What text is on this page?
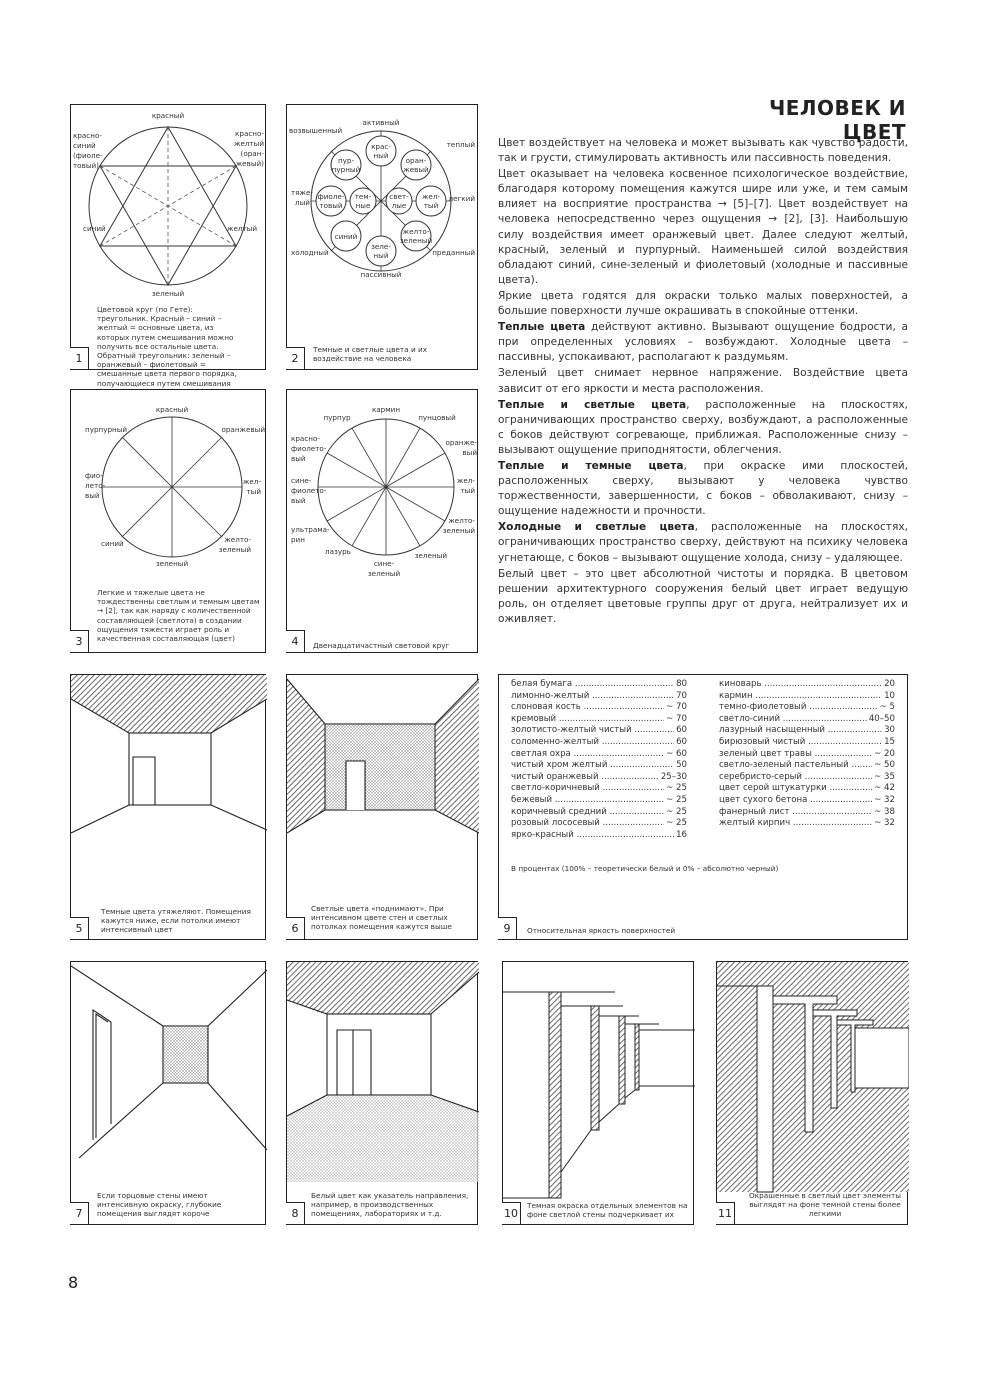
ЧЕЛОВЕК И ЦВЕТ

Цвет воздействует на человека и может вызывать как чувство радости, так и грусти, стимулировать активность или пассивность поведения.

Цвет оказывает на человека косвенное психологическое воздействие, благодаря которому помещения кажутся шире или уже, и тем самым влияет на восприятие пространства → [5]–[7]. Цвет воздействует на человека непосредственно через ощущения → [2], [3]. Наибольшую силу воздействия имеет оранжевый цвет. Далее следуют желтый, красный, зеленый и пурпурный. Наименьшей силой воздействия обладают синий, сине-зеленый и фиолетовый (холодные и пассивные цвета).

Яркие цвета годятся для окраски только малых поверхностей, а большие поверхности лучше окрашивать в спокойные оттенки.

Теплые цвета действуют активно. Вызывают ощущение бодрости, а при определенных условиях – возбуждают. Холодные цвета – пассивны, успокаивают, располагают к раздумьям.

Зеленый цвет снимает нервное напряжение. Воздействие цвета зависит от его яркости и места расположения.

Теплые и светлые цвета, расположенные на плоскостях, ограничивающих пространство сверху, возбуждают, а расположенные с боков действуют согревающе, приближая. Расположенные снизу – вызывают ощущение приподнятости, облегчения.

Теплые и темные цвета, при окраске ими плоскостей, расположенных сверху, вызывают у человека чувство торжественности, завершенности, с боков – обволакивают, снизу – ощущение надежности и прочности.

Холодные и светлые цвета, расположенные на плоскостях, ограничивающих пространство сверху, действуют на психику человека угнетающе, с боков – вызывают ощущение холода, снизу – удаляющее.

Белый цвет – это цвет абсолютной чистоты и порядка. В цветовом решении архитектурного сооружения белый цвет играет ведущую роль, он отделяет цветовые группы друг от друга, нейтрализует их и оживляет.

красный
красно-
синий
(фиоле-
товый)
красно-
желтый
(оран-
жевый)
синий	желтый
зеленый
Цветовой круг (по Гете): треугольник. Красный – синий – желтый = основные цвета, из которых путем смешивания можно получить все остальные цвета. Обратный треугольник: зеленый – оранжевый – фиолетовый = смешанные цвета первого порядка, получающиеся путем смешивания
1
активный
возвышенный
теплый
тяже-
лый	легкий
холодный	преданный
пассивный
крас-
ный
пур-
пурный
оран-
жевый
фиоле-
товый
тем-
ные
свет-
лые
жел-
тый
синий
желто-
зеленый
зеле-
ный
Темные и светлые цвета и их воздействие на человека
2
красный
пурпурный	оранжевый
фио-
лето-
вый
жел-
тый
синий
зеленый
желто-
зеленый
Легкие и тяжелые цвета не тождественны светлым и темным цветам → [2], так как наряду с количественной составляющей (светлота) в создании ощущения тяжести играет роль и качественная составляющая (цвет)
3
кармин
пурпур	пунцовый
красно-
фиолето-
вый
оранже-
вый
сине-
фиолето-
вый
жел-
тый
ультрама-
рин
желто-
зеленый
лазурь	зеленый
сине-
зеленый
Двенадцатичастный световой круг
4
Темные цвета утяжеляют. Помещения кажутся ниже, если потолки имеют интенсивный цвет
5
Светлые цвета «поднимают». При интенсивном цвете стен и светлых потолках помещения кажутся выше
6
белая бумага .....	80
лимонно-желтый .....	70
слоновая кость .....	~ 70
кремовый .....	~ 70
золотисто-желтый чистый .....	60
соломенно-желтый .....	60
светлая охра .....	~ 60
чистый хром желтый .....	50
чистый оранжевый .....	25–30
светло-коричневый .....	~ 25
бежевый .....	~ 25
коричневый средний .....	~ 25
розовый лососевый .....	~ 25
ярко-красный .....	16
киноварь .....	20
кармин .....	10
темно-фиолетовый .....	~ 5
светло-синий .....	40–50
лазурный насыщенный .....	30
бирюзовый чистый .....	15
зеленый цвет травы .....	~ 20
светло-зеленый пастельный .....	~ 50
серебристо-серый .....	~ 35
цвет серой штукатурки .....	~ 42
цвет сухого бетона .....	~ 32
фанерный лист .....	~ 38
желтый кирпич .....	~ 32
В процентах (100% – теоретически белый и 0% – абсолютно черный)
Относительная яркость поверхностей
9
Если торцовые стены имеют интенсивную окраску, глубокие помещения выглядят короче
7
Белый цвет как указатель направления, например, в производственных помещениях, лабораториях и т.д.
8
Темная окраска отдельных элементов на фоне светлой стены подчеркивает их
10
Окрашенные в светлый цвет элементы выглядят на фоне темной стены более легкими
11
8
